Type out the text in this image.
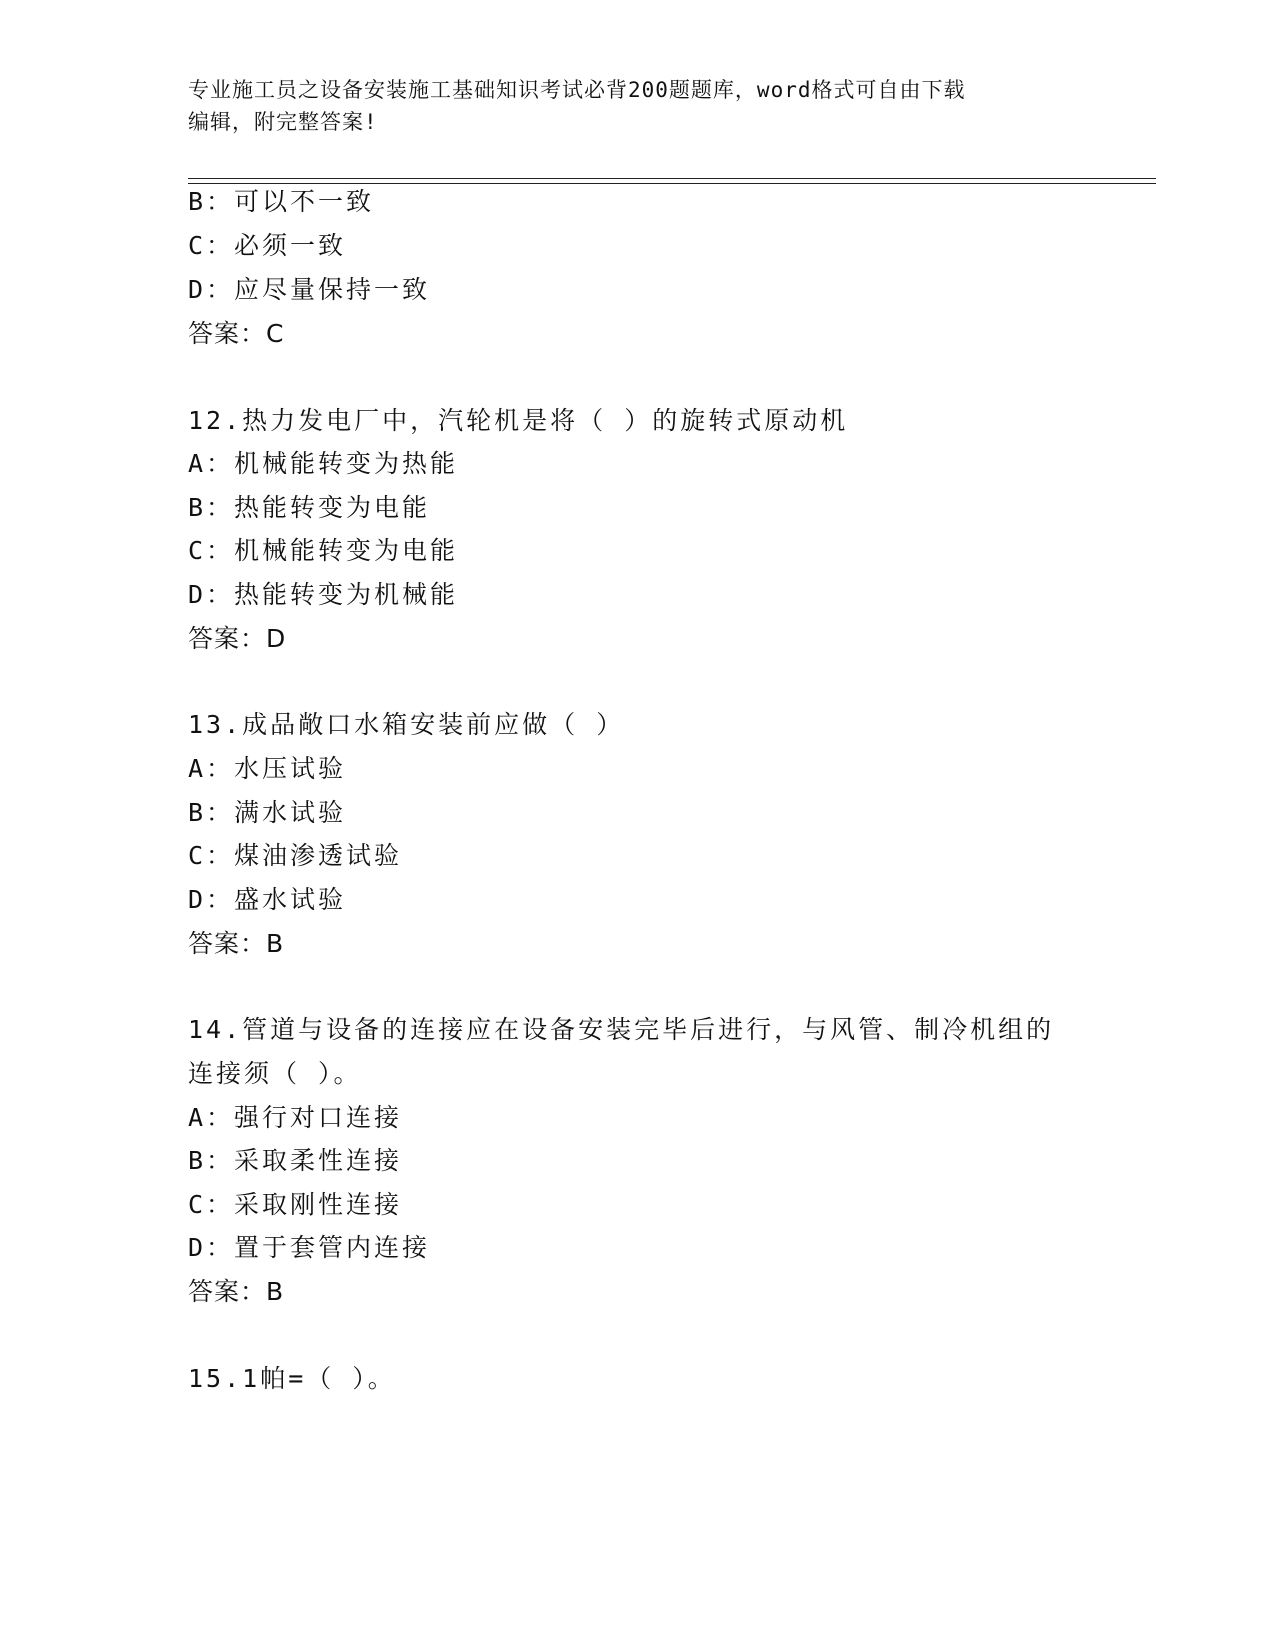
专业施工员之设备安装施工基础知识考试必背200题题库，word格式可自由下载
编辑，附完整答案!
B：可以不一致
C：必须一致
D：应尽量保持一致
答案：C
12.热力发电厂中，汽轮机是将（ ）的旋转式原动机
A：机械能转变为热能
B：热能转变为电能
C：机械能转变为电能
D：热能转变为机械能
答案：D
13.成品敞口水箱安装前应做（ ）
A：水压试验
B：满水试验
C：煤油渗透试验
D：盛水试验
答案：B
14.管道与设备的连接应在设备安装完毕后进行，与风管、制冷机组的
连接须（ ）。
A：强行对口连接
B：采取柔性连接
C：采取刚性连接
D：置于套管内连接
答案：B
15.1帕=（ ）。
